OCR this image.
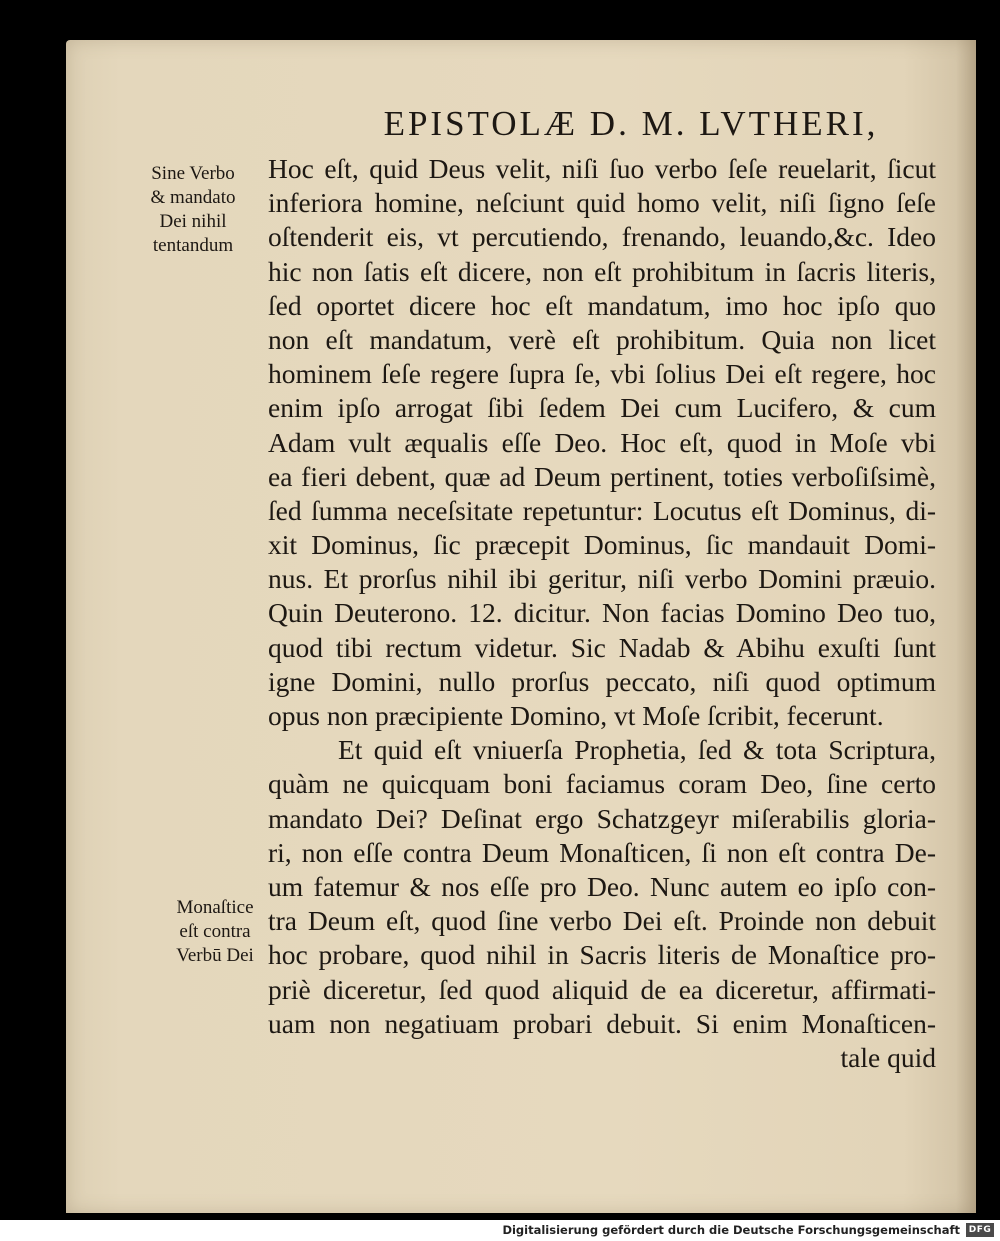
EPISTOLÆ D. M. LVTHERI,
Sine Verbo
& mandato
Dei nihil
tentandum
Monaſtice
eſt contra
Verbū Dei
Hoc eſt, quid Deus velit, niſi ſuo verbo ſeſe reuelarit, ſicut
inferiora homine, neſciunt quid homo velit, niſi ſigno ſeſe
oſtenderit eis, vt percutiendo, frenando, leuando,&c. Ideo
hic non ſatis eſt dicere, non eſt prohibitum in ſacris literis,
ſed oportet dicere hoc eſt mandatum, imo hoc ipſo quo
non eſt mandatum, verè eſt prohibitum. Quia non licet
hominem ſeſe regere ſupra ſe, vbi ſolius Dei eſt regere, hoc
enim ipſo arrogat ſibi ſedem Dei cum Lucifero, & cum
Adam vult æqualis eſſe Deo. Hoc eſt, quod in Moſe vbi
ea fieri debent, quæ ad Deum pertinent, toties verboſiſsimè,
ſed ſumma neceſsitate repetuntur: Locutus eſt Dominus, di-
xit Dominus, ſic præcepit Dominus, ſic mandauit Domi-
nus. Et prorſus nihil ibi geritur, niſi verbo Domini præuio.
Quin Deuterono. 12. dicitur. Non facias Domino Deo tuo,
quod tibi rectum videtur. Sic Nadab & Abihu exuſti ſunt
igne Domini, nullo prorſus peccato, niſi quod optimum
opus non præcipiente Domino, vt Moſe ſcribit, fecerunt.
Et quid eſt vniuerſa Prophetia, ſed & tota Scriptura,
quàm ne quicquam boni faciamus coram Deo, ſine certo
mandato Dei? Deſinat ergo Schatzgeyr miſerabilis gloria-
ri, non eſſe contra Deum Monaſticen, ſi non eſt contra De-
um fatemur & nos eſſe pro Deo. Nunc autem eo ipſo con-
tra Deum eſt, quod ſine verbo Dei eſt. Proinde non debuit
hoc probare, quod nihil in Sacris literis de Monaſtice pro-
priè diceretur, ſed quod aliquid de ea diceretur, affirmati-
uam non negatiuam probari debuit. Si enim Monaſticen-
tale quid
Digitalisierung gefördert durch die Deutsche Forschungsgemeinschaft DFG
